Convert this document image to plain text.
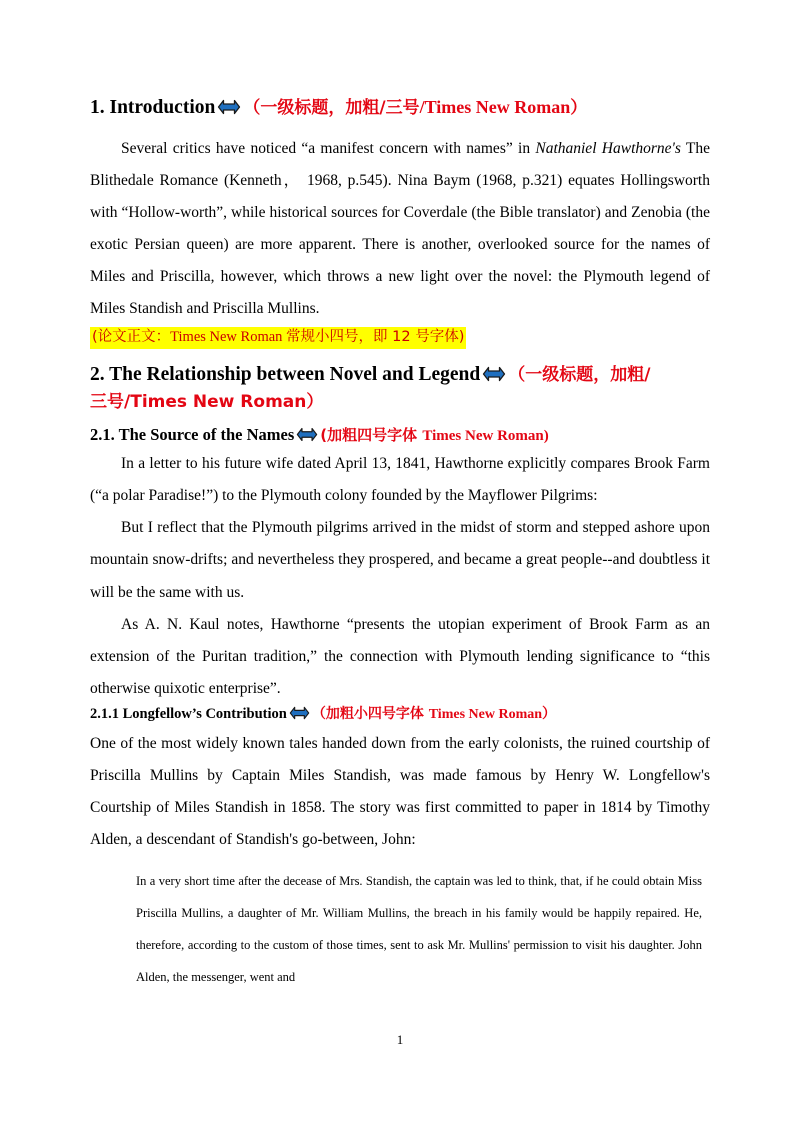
1. Introduction （一级标题，加粗/三号/Times New Roman）

Several critics have noticed “a manifest concern with names” in Nathaniel Hawthorne's The Blithedale Romance (Kenneth， 1968, p.545). Nina Baym (1968, p.321) equates Hollingsworth with “Hollow-worth”, while historical sources for Coverdale (the Bible translator) and Zenobia (the exotic Persian queen) are more apparent. There is another, overlooked source for the names of Miles and Priscilla, however, which throws a new light over the novel: the Plymouth legend of Miles Standish and Priscilla Mullins.

(论文正文：Times New Roman 常规小四号，即 12 号字体)
2. The Relationship between Novel and Legend （一级标题，加粗/
三号/Times New Roman）
2.1. The Source of the Names (加粗四号字体 Times New Roman)

In a letter to his future wife dated April 13, 1841, Hawthorne explicitly compares Brook Farm (“a polar Paradise!”) to the Plymouth colony founded by the Mayflower Pilgrims:

But I reflect that the Plymouth pilgrims arrived in the midst of storm and stepped ashore upon mountain snow-drifts; and nevertheless they prospered, and became a great people--and doubtless it will be the same with us.

As A. N. Kaul notes, Hawthorne “presents the utopian experiment of Brook Farm as an extension of the Puritan tradition,” the connection with Plymouth lending significance to “this otherwise quixotic enterprise”.

2.1.1 Longfellow’s Contribution （加粗小四号字体 Times New Roman）

One of the most widely known tales handed down from the early colonists, the ruined courtship of Priscilla Mullins by Captain Miles Standish, was made famous by Henry W. Longfellow's Courtship of Miles Standish in 1858. The story was first committed to paper in 1814 by Timothy Alden, a descendant of Standish's go-between, John:

In a very short time after the decease of Mrs. Standish, the captain was led to think, that, if he could obtain Miss Priscilla Mullins, a daughter of Mr. William Mullins, the breach in his family would be happily repaired. He, therefore, according to the custom of those times, sent to ask Mr. Mullins' permission to visit his daughter. John Alden, the messenger, went and

1
